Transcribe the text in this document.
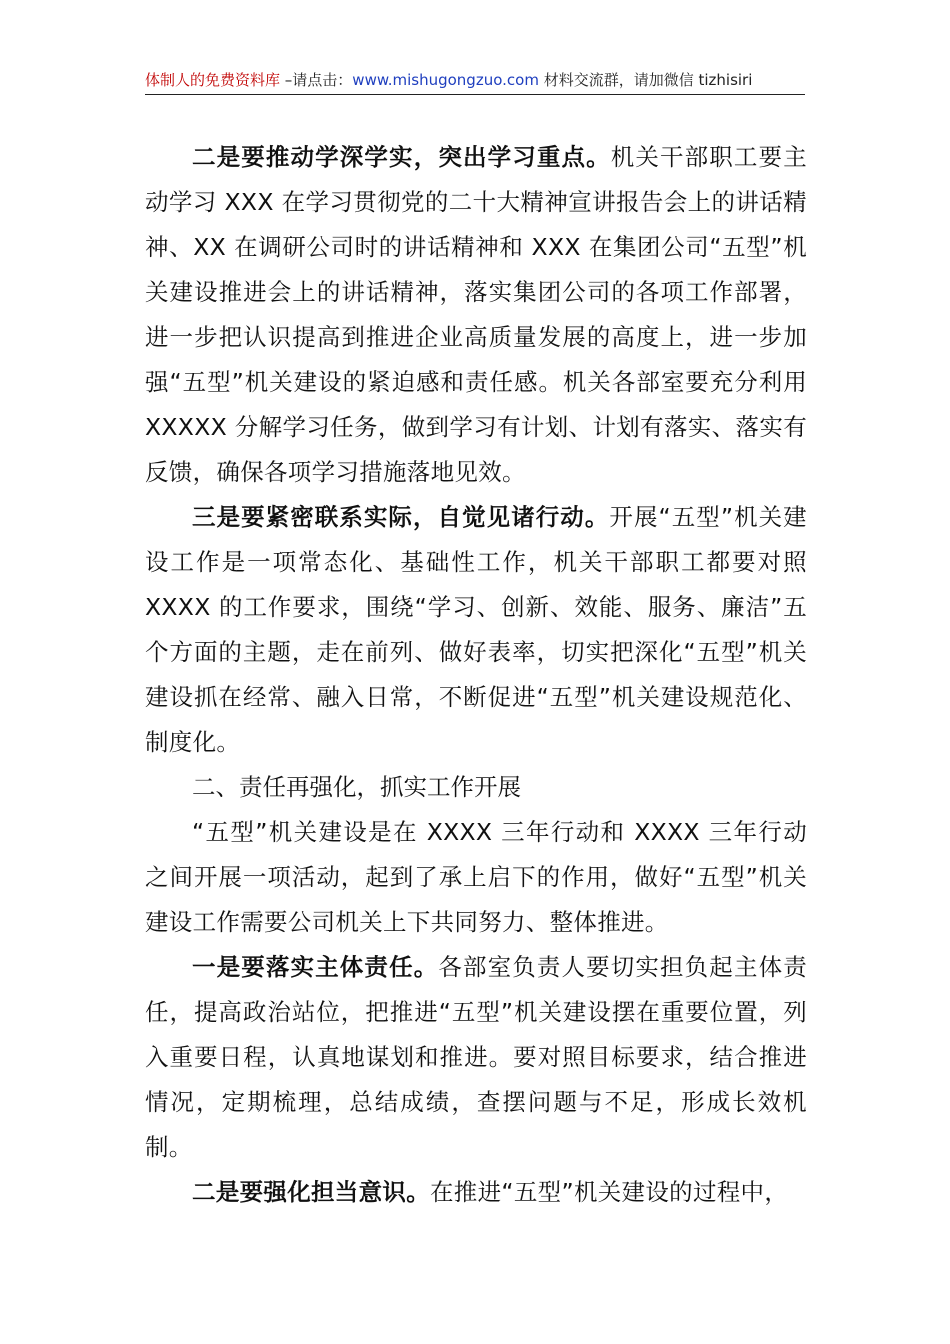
体制人的免费资料库 –请点击：www.mishugongzuo.com 材料交流群，请加微信 tizhisiri

二是要推动学深学实，突出学习重点。机关干部职工要主动学习 XXX 在学习贯彻党的二十大精神宣讲报告会上的讲话精神、XX 在调研公司时的讲话精神和 XXX 在集团公司“五型”机关建设推进会上的讲话精神，落实集团公司的各项工作部署，进一步把认识提高到推进企业高质量发展的高度上，进一步加强“五型”机关建设的紧迫感和责任感。机关各部室要充分利用 XXXXX 分解学习任务，做到学习有计划、计划有落实、落实有反馈，确保各项学习措施落地见效。

三是要紧密联系实际，自觉见诸行动。开展“五型”机关建设工作是一项常态化、基础性工作，机关干部职工都要对照 XXXX 的工作要求，围绕“学习、创新、效能、服务、廉洁”五个方面的主题，走在前列、做好表率，切实把深化“五型”机关建设抓在经常、融入日常，不断促进“五型”机关建设规范化、制度化。

二、责任再强化，抓实工作开展

“五型”机关建设是在 XXXX 三年行动和 XXXX 三年行动之间开展一项活动，起到了承上启下的作用，做好“五型”机关建设工作需要公司机关上下共同努力、整体推进。

一是要落实主体责任。各部室负责人要切实担负起主体责任，提高政治站位，把推进“五型”机关建设摆在重要位置，列入重要日程，认真地谋划和推进。要对照目标要求，结合推进情况，定期梳理，总结成绩，查摆问题与不足，形成长效机制。

二是要强化担当意识。在推进“五型”机关建设的过程中，
